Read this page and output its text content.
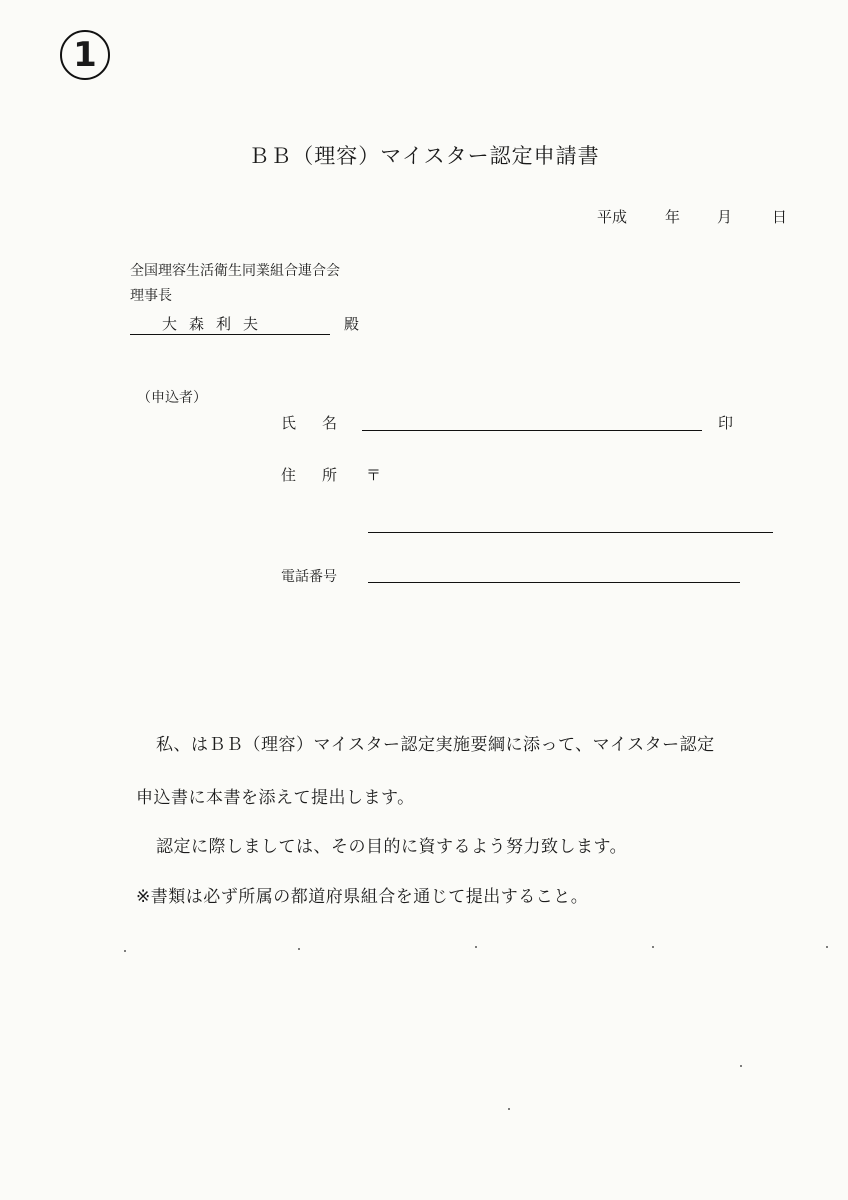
1
ＢＢ（理容）マイスター認定申請書
平成	年 月	日
全国理容生活衛生同業組合連合会
理事長
大森利夫	殿
（申込者）
氏名	印
住所 〒
電話番号
私、はＢＢ（理容）マイスター認定実施要綱に添って、マイスター認定
申込書に本書を添えて提出します。
認定に際しましては、その目的に資するよう努力致します。
※書類は必ず所属の都道府県組合を通じて提出すること。
